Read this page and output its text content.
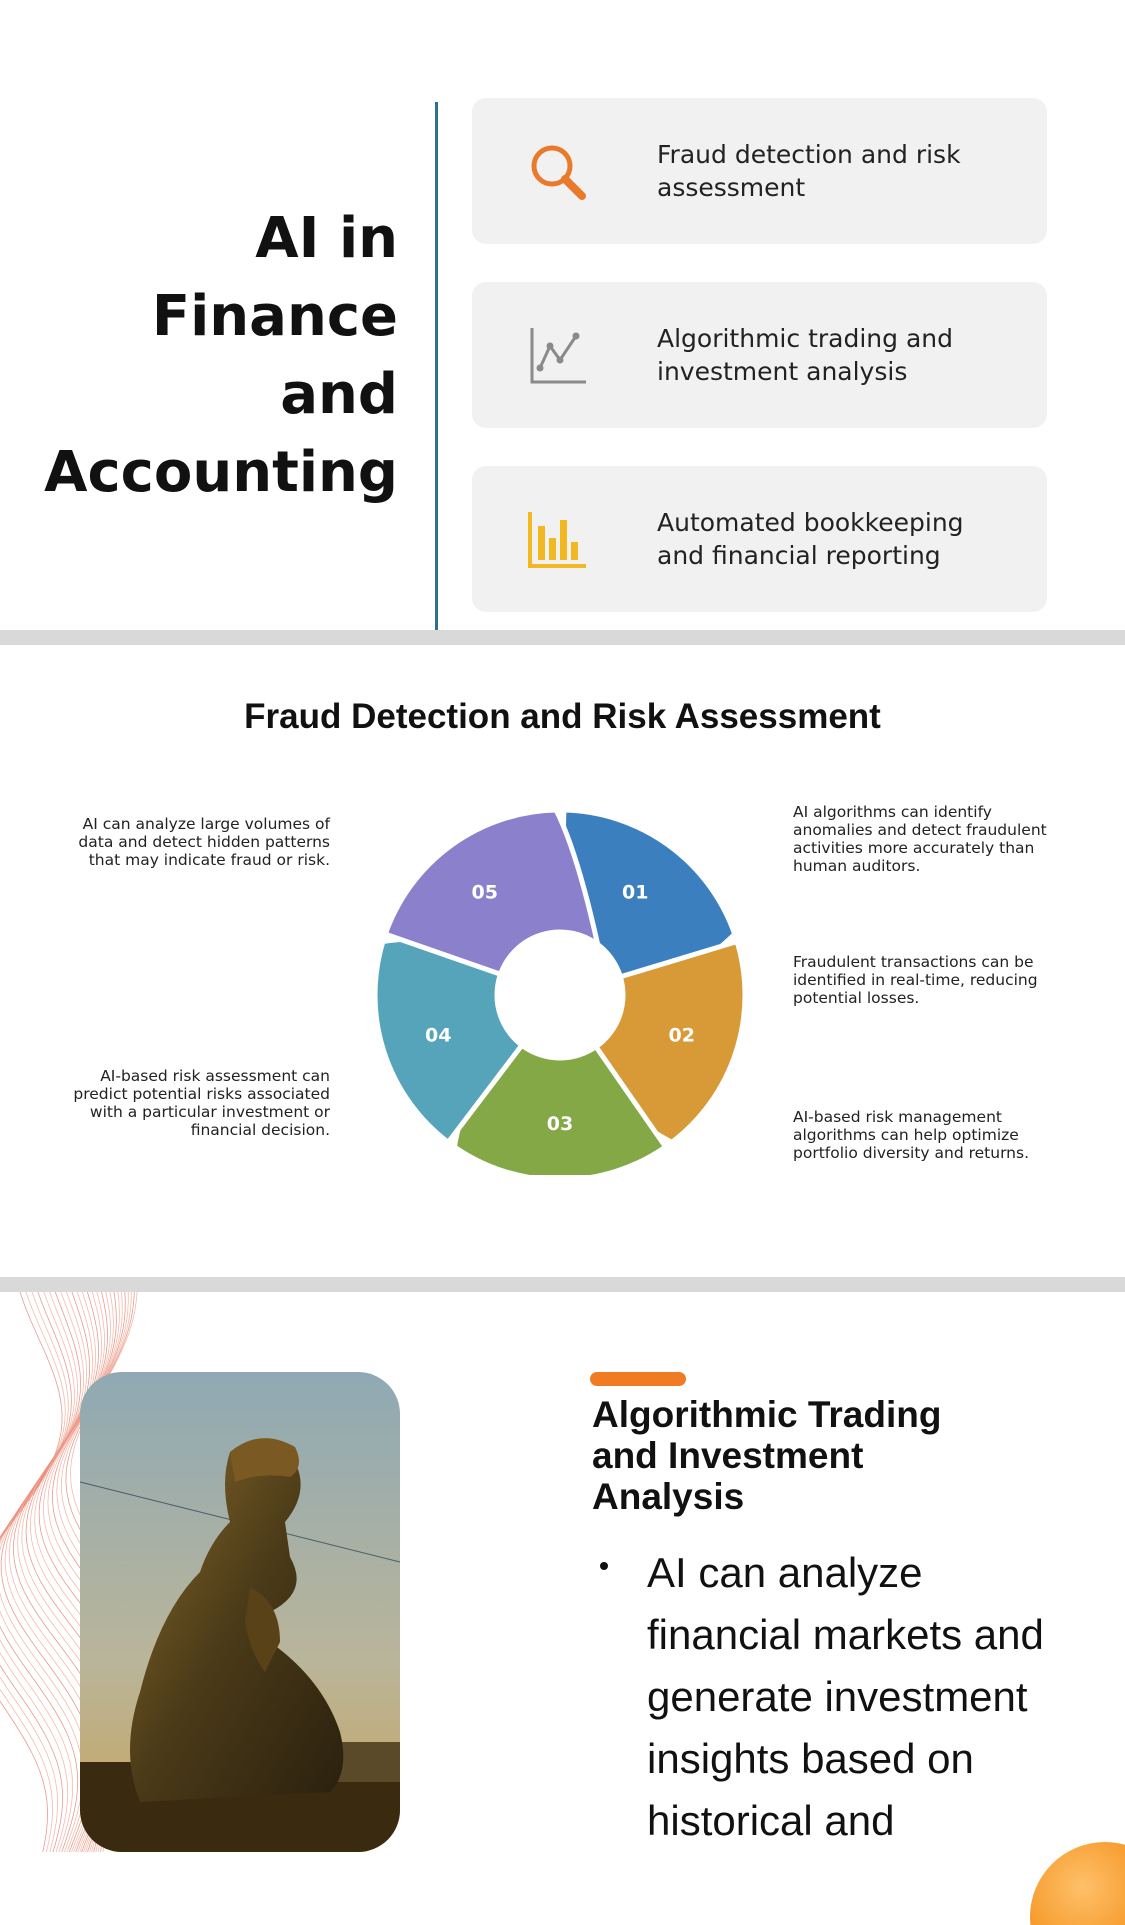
AI in
Finance
and
Accounting
Fraud detection and risk assessment
Algorithmic trading and investment analysis
Automated bookkeeping and financial reporting
Fraud Detection and Risk Assessment
AI can analyze large volumes of data and detect hidden patterns that may indicate fraud or risk.
AI-based risk assessment can predict potential risks associated with a particular investment or financial decision.
AI algorithms can identify anomalies and detect fraudulent activities more accurately than human auditors.
Fraudulent transactions can be identified in real-time, reducing potential losses.
AI-based risk management algorithms can help optimize portfolio diversity and returns.
01
02
03
04
05
Algorithmic Trading and Investment Analysis
AI can analyze financial markets and generate investment insights based on historical and
